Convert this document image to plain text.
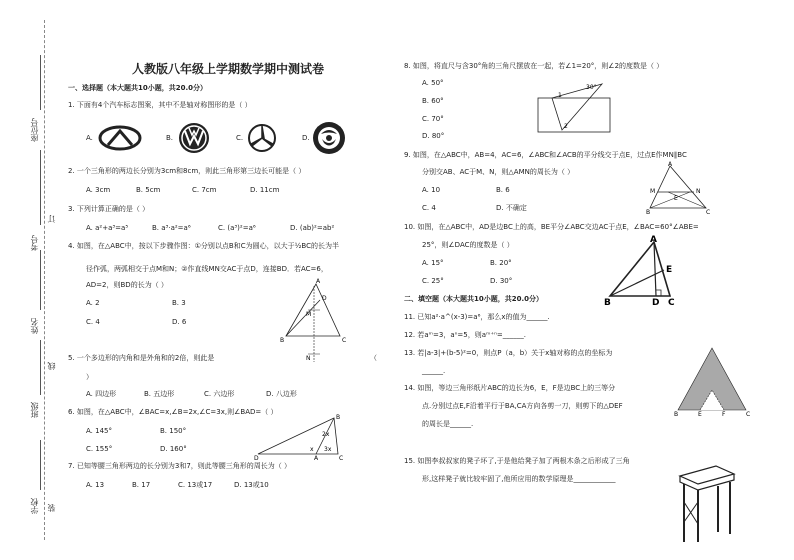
学校
班级
姓名
考号
座位号
线
订
装
人教版八年级上学期数学期中测试卷
一、选择题（本大题共10小题，共20.0分）
1. 下面有4个汽车标志图案，其中不是轴对称图形的是（ ）
A.	B.	C.	D.
2. 一个三角形的两边长分别为3cm和8cm，则此三角形第三边长可能是（ ）
A. 3cm	B. 5cm	C. 7cm	D. 11cm
3. 下列计算正确的是（ ）
A. a²+a³=a⁵	B. a³·a²=a⁶	C. (a³)²=a⁶	D. (ab)²=ab²
4. 如图，在△ABC中，按以下步骤作图：①分别以点B和C为圆心，以大于½BC的长为半
径作弧，两弧相交于点M和N；②作直线MN交AC于点D，连接BD．若AC=6，
AD=2，则BD的长为（ ）
A. 2	B. 3
C. 4	D. 6
A
B	C
D
M
N
5. 一个多边形的内角和是外角和的2倍，则此是	（
）
A. 四边形	B. 五边形	C. 六边形	D. 八边形
6. 如图，在△ABC中，∠BAC=x,∠B=2x,∠C=3x,则∠BAD=（ ）
A. 145°	B. 150°
C. 155°	D. 160°
B
D	A	C
2x
3x
x
7. 已知等腰三角形两边的长分别为3和7，则此等腰三角形的周长为（ ）
A. 13	B. 17	C. 13或17	D. 13或10
8. 如图，将直尺与含30°角的三角尺摆放在一起，若∠1=20°，则∠2的度数是（ ）
A. 50°
B. 60°
C. 70°
D. 80°
30°
1
2
9. 如图，在△ABC中，AB=4，AC=6，∠ABC和∠ACB的平分线交于点E，过点E作MN∥BC
分别交AB、AC于M、N，则△AMN的周长为（ ）
A. 10	B. 6
C. 4	D. 不确定
A
B	C
E
M	N
10. 如图，在△ABC中，AD是边BC上的高，BE平分∠ABC交边AC于点E，∠BAC=60°∠ABE=
25°，则∠DAC的度数是（ ）
A. 15°	B. 20°
C. 25°	D. 30°
A
B	D C
E
二、填空题（本大题共10小题，共20.0分）
11. 已知a²·a^(x-3)=a⁶，那么x的值为______.
12. 若aᵐ=3，aⁿ=5，则aᵐ⁺ⁿ=______.
13. 若|a-3|+(b-5)²=0，则点P（a，b）关于x轴对称的点的坐标为
______.
14. 如图，等边三角形纸片ABC的边长为6，E，F是边BC上的三等分
点.分别过点E,F沿着平行于BA,CA方向各剪一刀，则剪下的△DEF
的周长是______.
B	E	F	C
15. 如图李叔叔家的凳子坏了,于是他给凳子加了两根木条之后形成了三角
形,这样凳子就比较牢固了,他所应用的数学原理是____________
